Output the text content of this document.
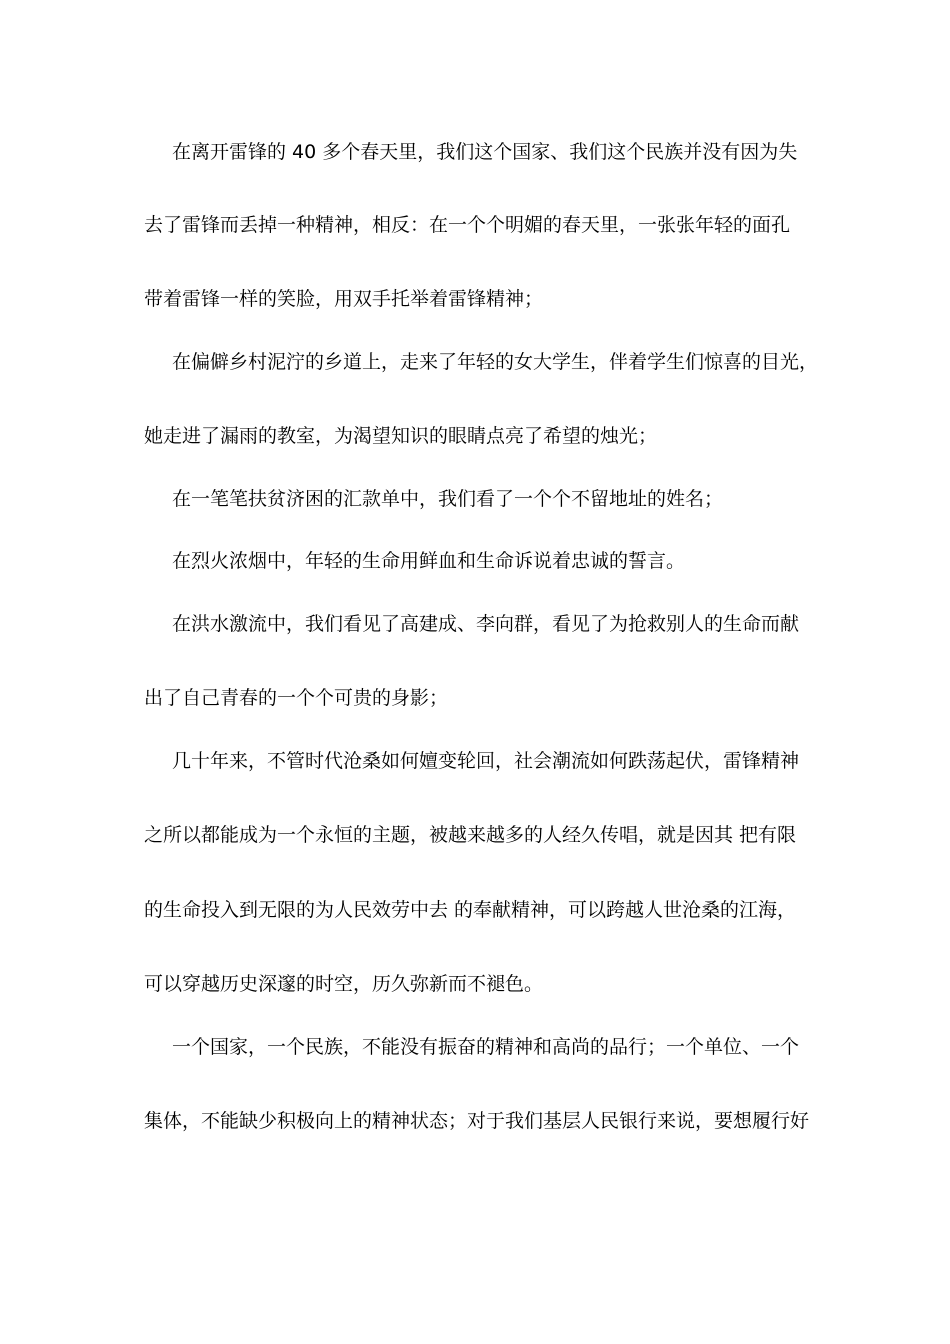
在离开雷锋的 40 多个春天里，我们这个国家、我们这个民族并没有因为失
去了雷锋而丢掉一种精神，相反：在一个个明媚的春天里，一张张年轻的面孔
带着雷锋一样的笑脸，用双手托举着雷锋精神；
在偏僻乡村泥泞的乡道上，走来了年轻的女大学生，伴着学生们惊喜的目光，
她走进了漏雨的教室，为渴望知识的眼睛点亮了希望的烛光；
在一笔笔扶贫济困的汇款单中，我们看了一个个不留地址的姓名；
在烈火浓烟中，年轻的生命用鲜血和生命诉说着忠诚的誓言。
在洪水激流中，我们看见了高建成、李向群，看见了为抢救别人的生命而献
出了自己青春的一个个可贵的身影；
几十年来，不管时代沧桑如何嬗变轮回，社会潮流如何跌荡起伏，雷锋精神
之所以都能成为一个永恒的主题，被越来越多的人经久传唱，就是因其 把有限
的生命投入到无限的为人民效劳中去 的奉献精神，可以跨越人世沧桑的江海，
可以穿越历史深邃的时空，历久弥新而不褪色。
一个国家，一个民族，不能没有振奋的精神和高尚的品行；一个单位、一个
集体，不能缺少积极向上的精神状态；对于我们基层人民银行来说，要想履行好
